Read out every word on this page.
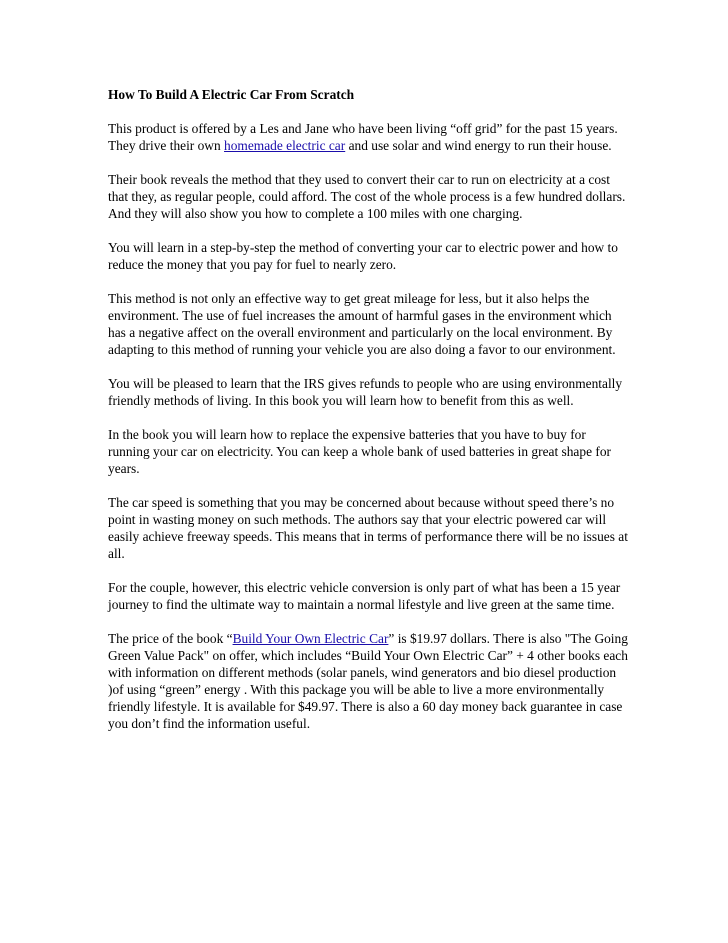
How To Build A Electric Car From Scratch

This product is offered by a Les and Jane who have been living “off grid” for the past 15 years. They drive their own homemade electric car and use solar and wind energy to run their house.

Their book reveals the method that they used to convert their car to run on electricity at a cost that they, as regular people, could afford. The cost of the whole process is a few hundred dollars. And they will also show you how to complete a 100 miles with one charging.

You will learn in a step-by-step the method of converting your car to electric power and how to reduce the money that you pay for fuel to nearly zero.

This method is not only an effective way to get great mileage for less, but it also helps the environment. The use of fuel increases the amount of harmful gases in the environment which has a negative affect on the overall environment and particularly on the local environment. By adapting to this method of running your vehicle you are also doing a favor to our environment.

You will be pleased to learn that the IRS gives refunds to people who are using environmentally friendly methods of living. In this book you will learn how to benefit from this as well.

In the book you will learn how to replace the expensive batteries that you have to buy for running your car on electricity. You can keep a whole bank of used batteries in great shape for years.

The car speed is something that you may be concerned about because without speed there’s no point in wasting money on such methods. The authors say that your electric powered car will easily achieve freeway speeds. This means that in terms of performance there will be no issues at all.

For the couple, however, this electric vehicle conversion is only part of what has been a 15 year journey to find the ultimate way to maintain a normal lifestyle and live green at the same time.

The price of the book “Build Your Own Electric Car” is $19.97 dollars. There is also "The Going Green Value Pack" on offer, which includes “Build Your Own Electric Car” + 4 other books each with information on different methods (solar panels, wind generators and bio diesel production )of using “green” energy . With this package you will be able to live a more environmentally friendly lifestyle. It is available for $49.97. There is also a 60 day money back guarantee in case you don’t find the information useful.
